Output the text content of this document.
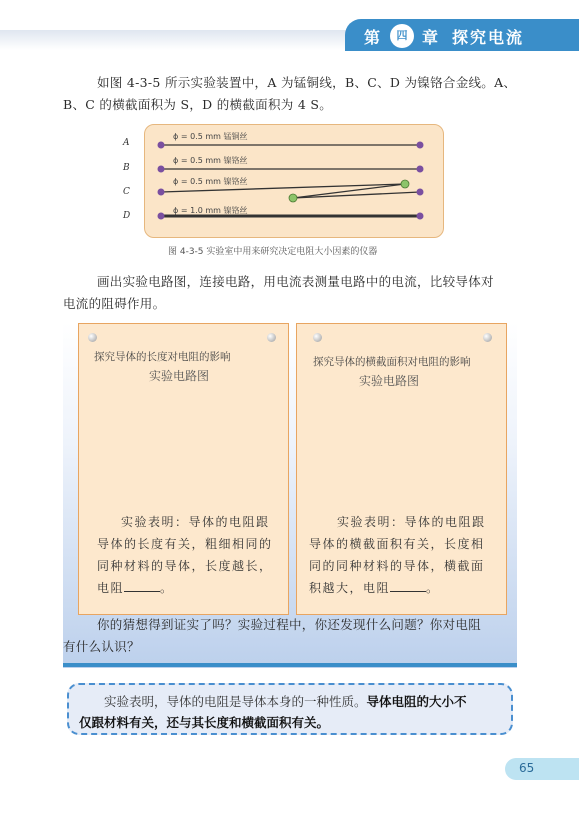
第 四 章 探究电流
如图 4-3-5 所示实验装置中，A 为锰铜线，B、C、D 为镍铬合金线。A、
B、C 的横截面积为 S，D 的横截面积为 4 S。
A
B
C
D
ϕ = 0.5 mm 锰铜丝
ϕ = 0.5 mm 镍铬丝
ϕ = 0.5 mm 镍铬丝
ϕ = 1.0 mm 镍铬丝
图 4-3-5 实验室中用来研究决定电阻大小因素的仪器
画出实验电路图，连接电路，用电流表测量电路中的电流，比较导体对
电流的阻碍作用。
探究导体的长度对电阻的影响
实验电路图
实验表明：导体的电阻跟
导体的长度有关，粗细相同的
同种材料的导体，长度越长，
电阻	。
探究导体的横截面积对电阻的影响
实验电路图
实验表明：导体的电阻跟
导体的横截面积有关，长度相
同的同种材料的导体，横截面
积越大，电阻	。
你的猜想得到证实了吗？实验过程中，你还发现什么问题？你对电阻
有什么认识？
实验表明，导体的电阻是导体本身的一种性质。导体电阻的大小不
仅跟材料有关，还与其长度和横截面积有关。
65
